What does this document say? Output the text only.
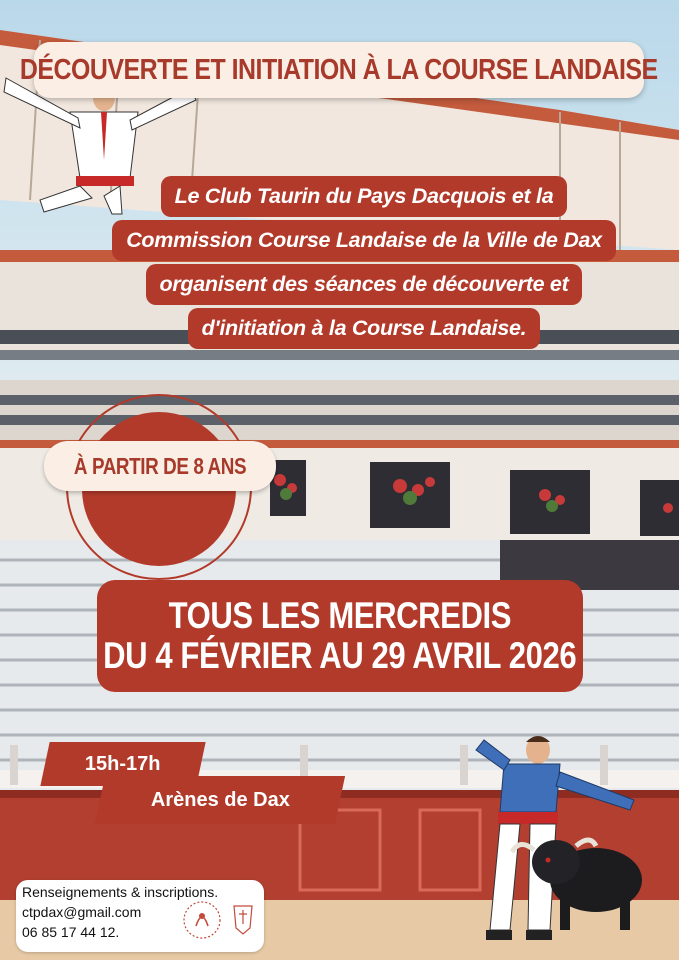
DÉCOUVERTE ET INITIATION À LA COURSE LANDAISE
Le Club Taurin du Pays Dacquois et la
Commission Course Landaise de la Ville de Dax
organisent des séances de découverte et
d'initiation à la Course Landaise.
À PARTIR DE 8 ANS
TOUS LES MERCREDIS
DU 4 FÉVRIER AU 29 AVRIL 2026
15h-17h
Arènes de Dax
Renseignements & inscriptions.
ctpdax@gmail.com
06 85 17 44 12.
